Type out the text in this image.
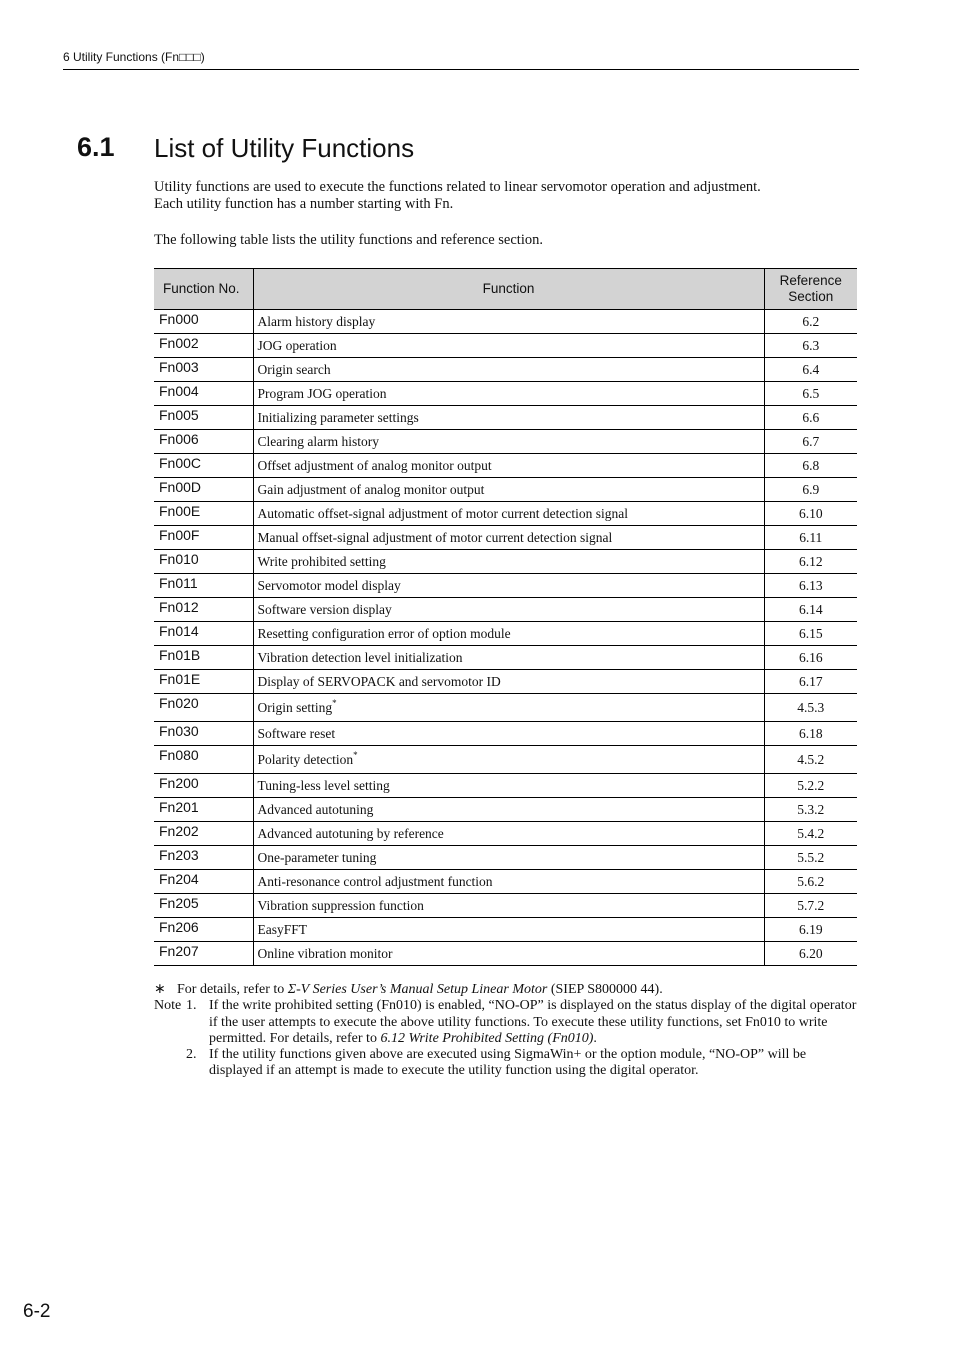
6 Utility Functions (Fn□□□)
6.1 List of Utility Functions

Utility functions are used to execute the functions related to linear servomotor operation and adjustment.

Each utility function has a number starting with Fn.

The following table lists the utility functions and reference section.

Function No.	Function	Reference Section
Fn000	Alarm history display	6.2
Fn002	JOG operation	6.3
Fn003	Origin search	6.4
Fn004	Program JOG operation	6.5
Fn005	Initializing parameter settings	6.6
Fn006	Clearing alarm history	6.7
Fn00C	Offset adjustment of analog monitor output	6.8
Fn00D	Gain adjustment of analog monitor output	6.9
Fn00E	Automatic offset-signal adjustment of motor current detection signal	6.10
Fn00F	Manual offset-signal adjustment of motor current detection signal	6.11
Fn010	Write prohibited setting	6.12
Fn011	Servomotor model display	6.13
Fn012	Software version display	6.14
Fn014	Resetting configuration error of option module	6.15
Fn01B	Vibration detection level initialization	6.16
Fn01E	Display of SERVOPACK and servomotor ID	6.17
Fn020	Origin setting*	4.5.3
Fn030	Software reset	6.18
Fn080	Polarity detection*	4.5.2
Fn200	Tuning-less level setting	5.2.2
Fn201	Advanced autotuning	5.3.2
Fn202	Advanced autotuning by reference	5.4.2
Fn203	One-parameter tuning	5.5.2
Fn204	Anti-resonance control adjustment function	5.6.2
Fn205	Vibration suppression function	5.7.2
Fn206	EasyFFT	6.19
Fn207	Online vibration monitor	6.20
∗ For details, refer to Σ-V Series User’s Manual Setup Linear Motor (SIEP S800000 44).
Note 1. If the write prohibited setting (Fn010) is enabled, “NO-OP” is displayed on the status display of the digital operator if the user attempts to execute the above utility functions. To execute these utility functions, set Fn010 to write permitted. For details, refer to 6.12 Write Prohibited Setting (Fn010).

2. If the utility functions given above are executed using SigmaWin+ or the option module, “NO-OP” will be displayed if an attempt is made to execute the utility function using the digital operator.

6-2
